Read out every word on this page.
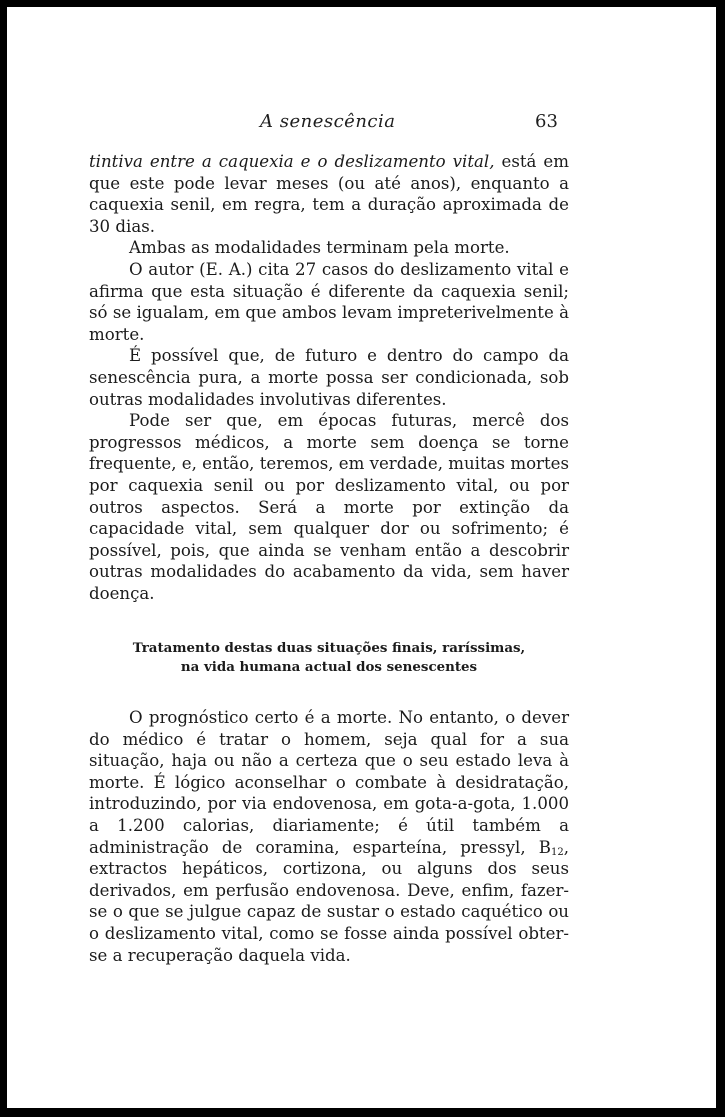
A senescência	63

tintiva entre a caquexia e o deslizamento vital, está em que este pode levar meses (ou até anos), enquanto a caquexia senil, em regra, tem a duração aproximada de 30 dias.

Ambas as modalidades terminam pela morte.

O autor (E. A.) cita 27 casos do deslizamento vital e afirma que esta situação é diferente da caquexia senil; só se igualam, em que ambos levam impreterivelmente à morte.

É possível que, de futuro e dentro do campo da senescência pura, a morte possa ser condicionada, sob outras modalidades involutivas diferentes.

Pode ser que, em épocas futuras, mercê dos progressos médicos, a morte sem doença se torne frequente, e, então, teremos, em verdade, muitas mortes por caquexia senil ou por deslizamento vital, ou por outros aspectos. Será a morte por extinção da capacidade vital, sem qualquer dor ou sofrimento; é possível, pois, que ainda se venham então a descobrir outras modalidades do acabamento da vida, sem haver doença.

Tratamento destas duas situações finais, raríssimas,
na vida humana actual dos senescentes

O prognóstico certo é a morte. No entanto, o dever do médico é tratar o homem, seja qual for a sua situação, haja ou não a certeza que o seu estado leva à morte. É lógico aconselhar o combate à desidratação, introduzindo, por via endovenosa, em gota-a-gota, 1.000 a 1.200 calorias, diariamente; é útil também a administração de coramina, esparteína, pressyl, $B_{12}$, extractos hepáticos, cortizona, ou alguns dos seus derivados, em perfusão endovenosa. Deve, enfim, fazer-se o que se julgue capaz de sustar o estado caquético ou o deslizamento vital, como se fosse ainda possível obter-se a recuperação daquela vida.
